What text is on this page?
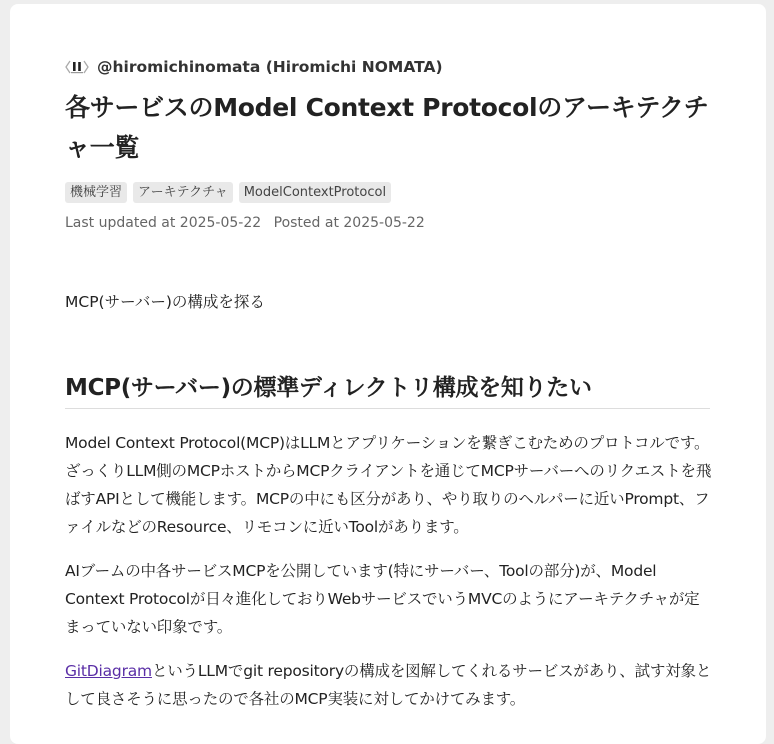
@hiromichinomata (Hiromichi NOMATA)
各サービスのModel Context Protocolのアーキテクチャ一覧
機械学習	アーキテクチャ	ModelContextProtocol
Last updated at 2025-05-22 Posted at 2025-05-22
MCP(サーバー)の構成を探る
MCP(サーバー)の標準ディレクトリ構成を知りたい

Model Context Protocol(MCP)はLLMとアプリケーションを繋ぎこむためのプロトコルです。ざっくりLLM側のMCPホストからMCPクライアントを通じてMCPサーバーへのリクエストを飛ばすAPIとして機能します。MCPの中にも区分があり、やり取りのヘルパーに近いPrompt、ファイルなどのResource、リモコンに近いToolがあります。

AIブームの中各サービスMCPを公開しています(特にサーバー、Toolの部分)が、Model Context Protocolが日々進化しておりWebサービスでいうMVCのようにアーキテクチャが定まっていない印象です。

GitDiagramというLLMでgit repositoryの構成を図解してくれるサービスがあり、試す対象として良さそうに思ったので各社のMCP実装に対してかけてみます。
